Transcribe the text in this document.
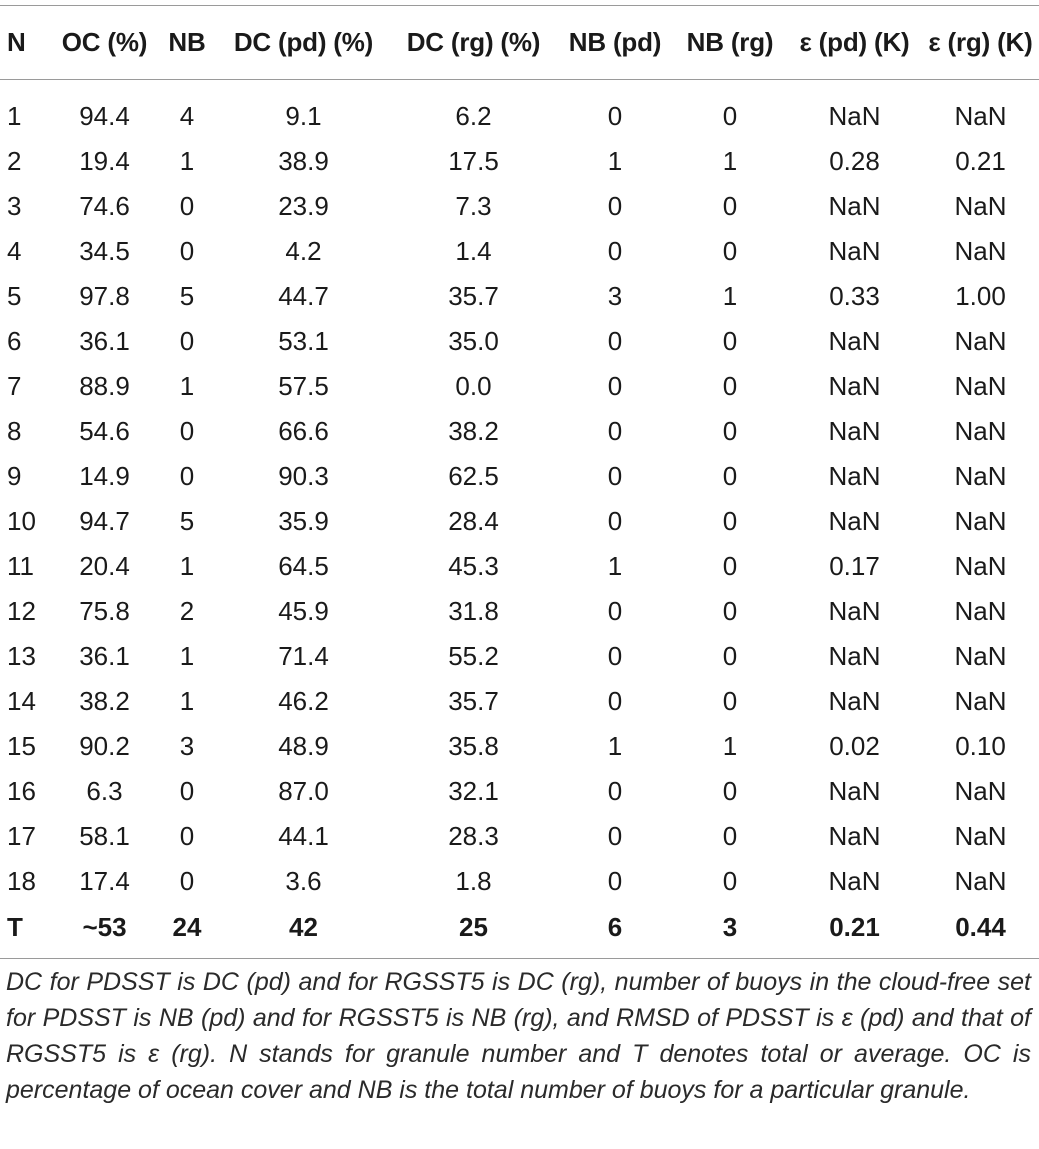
N	OC (%)	NB	DC (pd) (%)	DC (rg) (%)	NB (pd)	NB (rg)	ε (pd) (K)	ε (rg) (K)

1	94.4	4	9.1	6.2	0	0	NaN	NaN
2	19.4	1	38.9	17.5	1	1	0.28	0.21
3	74.6	0	23.9	7.3	0	0	NaN	NaN
4	34.5	0	4.2	1.4	0	0	NaN	NaN
5	97.8	5	44.7	35.7	3	1	0.33	1.00
6	36.1	0	53.1	35.0	0	0	NaN	NaN
7	88.9	1	57.5	0.0	0	0	NaN	NaN
8	54.6	0	66.6	38.2	0	0	NaN	NaN
9	14.9	0	90.3	62.5	0	0	NaN	NaN
10	94.7	5	35.9	28.4	0	0	NaN	NaN
11	20.4	1	64.5	45.3	1	0	0.17	NaN
12	75.8	2	45.9	31.8	0	0	NaN	NaN
13	36.1	1	71.4	55.2	0	0	NaN	NaN
14	38.2	1	46.2	35.7	0	0	NaN	NaN
15	90.2	3	48.9	35.8	1	1	0.02	0.10
16	6.3	0	87.0	32.1	0	0	NaN	NaN
17	58.1	0	44.1	28.3	0	0	NaN	NaN
18	17.4	0	3.6	1.8	0	0	NaN	NaN
T	~53	24	42	25	6	3	0.21	0.44

DC for PDSST is DC (pd) and for RGSST5 is DC (rg), number of buoys in the cloud-free set for PDSST is NB (pd) and for RGSST5 is NB (rg), and RMSD of PDSST is ε (pd) and that of RGSST5 is ε (rg). N stands for granule number and T denotes total or average. OC is percentage of ocean cover and NB is the total number of buoys for a particular granule.
